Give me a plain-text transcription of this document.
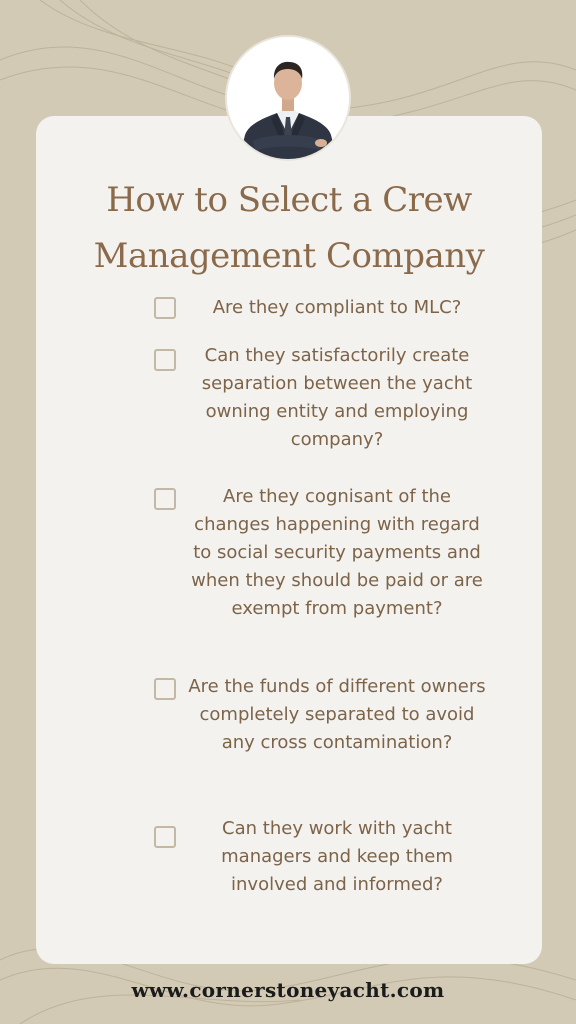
How to Select a Crew
Management Company
Are they compliant to MLC?
Can they satisfactorily create separation between the yacht owning entity and employing company?
Are they cognisant of the changes happening with regard to social security payments and when they should be paid or are exempt from payment?
Are the funds of different owners completely separated to avoid any cross contamination?
Can they work with yacht managers and keep them involved and informed?
www.cornerstoneyacht.com
